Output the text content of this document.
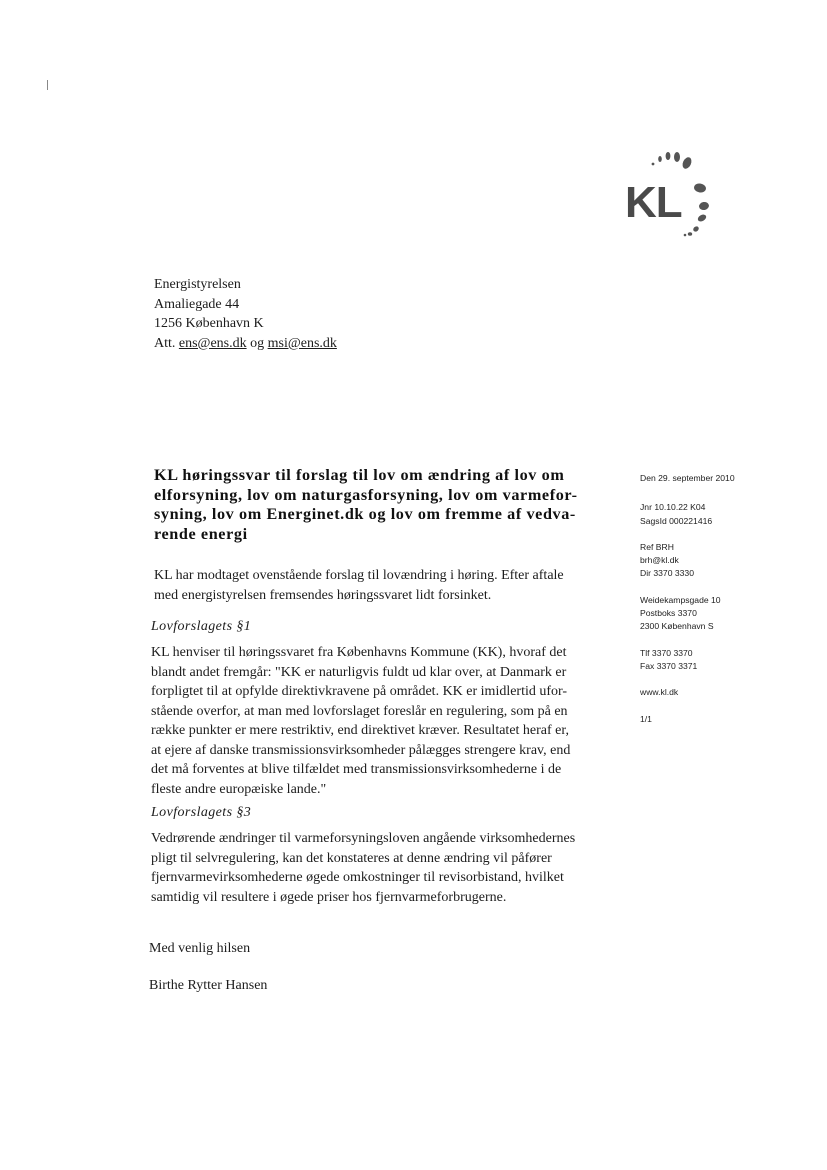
KL
Energistyrelsen
Amaliegade 44
1256 København K
Att. ens@ens.dk og msi@ens.dk
KL høringssvar til forslag til lov om ændring af lov om
elforsyning, lov om naturgasforsyning, lov om varmefor-
syning, lov om Energinet.dk og lov om fremme af vedva-
rende energi
KL har modtaget ovenstående forslag til lovændring i høring. Efter aftale
med energistyrelsen fremsendes høringssvaret lidt forsinket.
Lovforslagets §1
KL henviser til høringssvaret fra Københavns Kommune (KK), hvoraf det
blandt andet fremgår: "KK er naturligvis fuldt ud klar over, at Danmark er
forpligtet til at opfylde direktivkravene på området. KK er imidlertid ufor-
stående overfor, at man med lovforslaget foreslår en regulering, som på en
række punkter er mere restriktiv, end direktivet kræver. Resultatet heraf er,
at ejere af danske transmissionsvirksomheder pålægges strengere krav, end
det må forventes at blive tilfældet med transmissionsvirksomhederne i de
fleste andre europæiske lande."
Lovforslagets §3
Vedrørende ændringer til varmeforsyningsloven angående virksomhedernes
pligt til selvregulering, kan det konstateres at denne ændring vil påfører
fjernvarmevirksomhederne øgede omkostninger til revisorbistand, hvilket
samtidig vil resultere i øgede priser hos fjernvarmeforbrugerne.
Med venlig hilsen
Birthe Rytter Hansen
Den 29. september 2010
Jnr 10.10.22 K04
SagsId 000221416
Ref BRH
brh@kl.dk
Dir 3370 3330
Weidekampsgade 10
Postboks 3370
2300 København S
Tlf 3370 3370
Fax 3370 3371
www.kl.dk
1/1
